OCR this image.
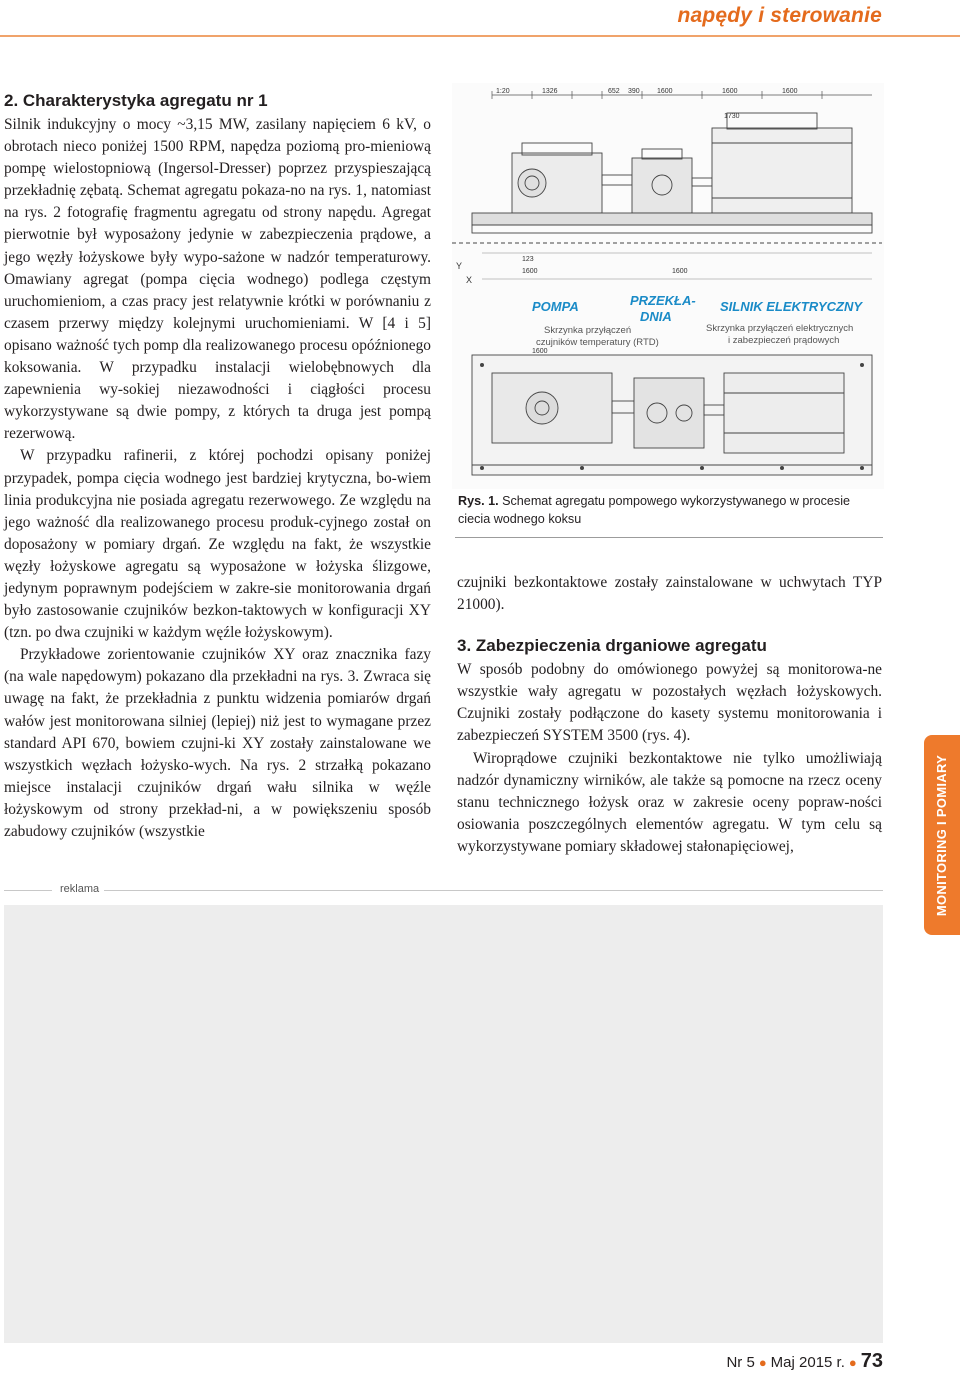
napędy i sterowanie
2. Charakterystyka agregatu nr 1

Silnik indukcyjny o mocy ~3,15 MW, zasilany napięciem 6 kV, o obrotach nieco poniżej 1500 RPM, napędza poziomą pro-mieniową pompę wielostopniową (Ingersol-Dresser) poprzez przyspieszającą przekładnię zębatą. Schemat agregatu pokaza-no na rys. 1, natomiast na rys. 2 fotografię fragmentu agregatu od strony napędu. Agregat pierwotnie był wyposażony jedynie w zabezpieczenia prądowe, a jego węzły łożyskowe były wypo-sażone w nadzór temperaturowy. Omawiany agregat (pompa cięcia wodnego) podlega częstym uruchomieniom, a czas pracy jest relatywnie krótki w porównaniu z czasem przerwy między kolejnymi uruchomieniami. W [4 i 5] opisano ważność tych pomp dla realizowanego procesu opóźnionego koksowania. W przypadku instalacji wielobębnowych dla zapewnienia wy-sokiej niezawodności i ciągłości procesu wykorzystywane są dwie pompy, z których ta druga jest pompą rezerwową.

W przypadku rafinerii, z której pochodzi opisany poniżej przypadek, pompa cięcia wodnego jest bardziej krytyczna, bo-wiem linia produkcyjna nie posiada agregatu rezerwowego. Ze względu na jego ważność dla realizowanego procesu produk-cyjnego został on doposażony w pomiary drgań. Ze względu na fakt, że wszystkie węzły łożyskowe agregatu są wyposażone w łożyska ślizgowe, jedynym poprawnym podejściem w zakre-sie monitorowania drgań było zastosowanie czujników bezkon-taktowych w konfiguracji XY (tzn. po dwa czujniki w każdym węźle łożyskowym).

Przykładowe zorientowanie czujników XY oraz znacznika fazy (na wale napędowym) pokazano dla przekładni na rys. 3. Zwraca się uwagę na fakt, że przekładnia z punktu widzenia pomiarów drgań wałów jest monitorowana silniej (lepiej) niż jest to wymagane przez standard API 670, bowiem czujni-ki XY zostały zainstalowane we wszystkich węzłach łożysko-wych. Na rys. 2 strzałką pokazano miejsce instalacji czujników drgań wału silnika w węźle łożyskowym od strony przekład-ni, a w powiększeniu sposób zabudowy czujników (wszystkie

1:20	1326	652 390 1600	1600	1600
1730
123
1600	1600
1600
Y
X
POMPA	PRZEKŁA-
DNIA
SILNIK ELEKTRYCZNY
Skrzynka przyłączeń
czujników temperatury (RTD)
Skrzynka przyłączeń elektrycznych
i zabezpieczeń prądowych
Rys. 1. Schemat agregatu pompowego wykorzystywanego w procesie ciecia wodnego koksu

czujniki bezkontaktowe zostały zainstalowane w uchwytach TYP 21000).

3. Zabezpieczenia drganiowe agregatu

W sposób podobny do omówionego powyżej są monitorowa-ne wszystkie wały agregatu w pozostałych węzłach łożyskowych. Czujniki zostały podłączone do kasety systemu monitorowania i zabezpieczeń SYSTEM 3500 (rys. 4).

Wiroprądowe czujniki bezkontaktowe nie tylko umożliwiają nadzór dynamiczny wirników, ale także są pomocne na rzecz oceny stanu technicznego łożysk oraz w zakresie oceny popraw-ności osiowania poszczególnych elementów agregatu. W tym celu są wykorzystywane pomiary składowej stałonapięciowej,

reklama	MONITORING I POMIARY
Nr 5 ● Maj 2015 r. ● 73
